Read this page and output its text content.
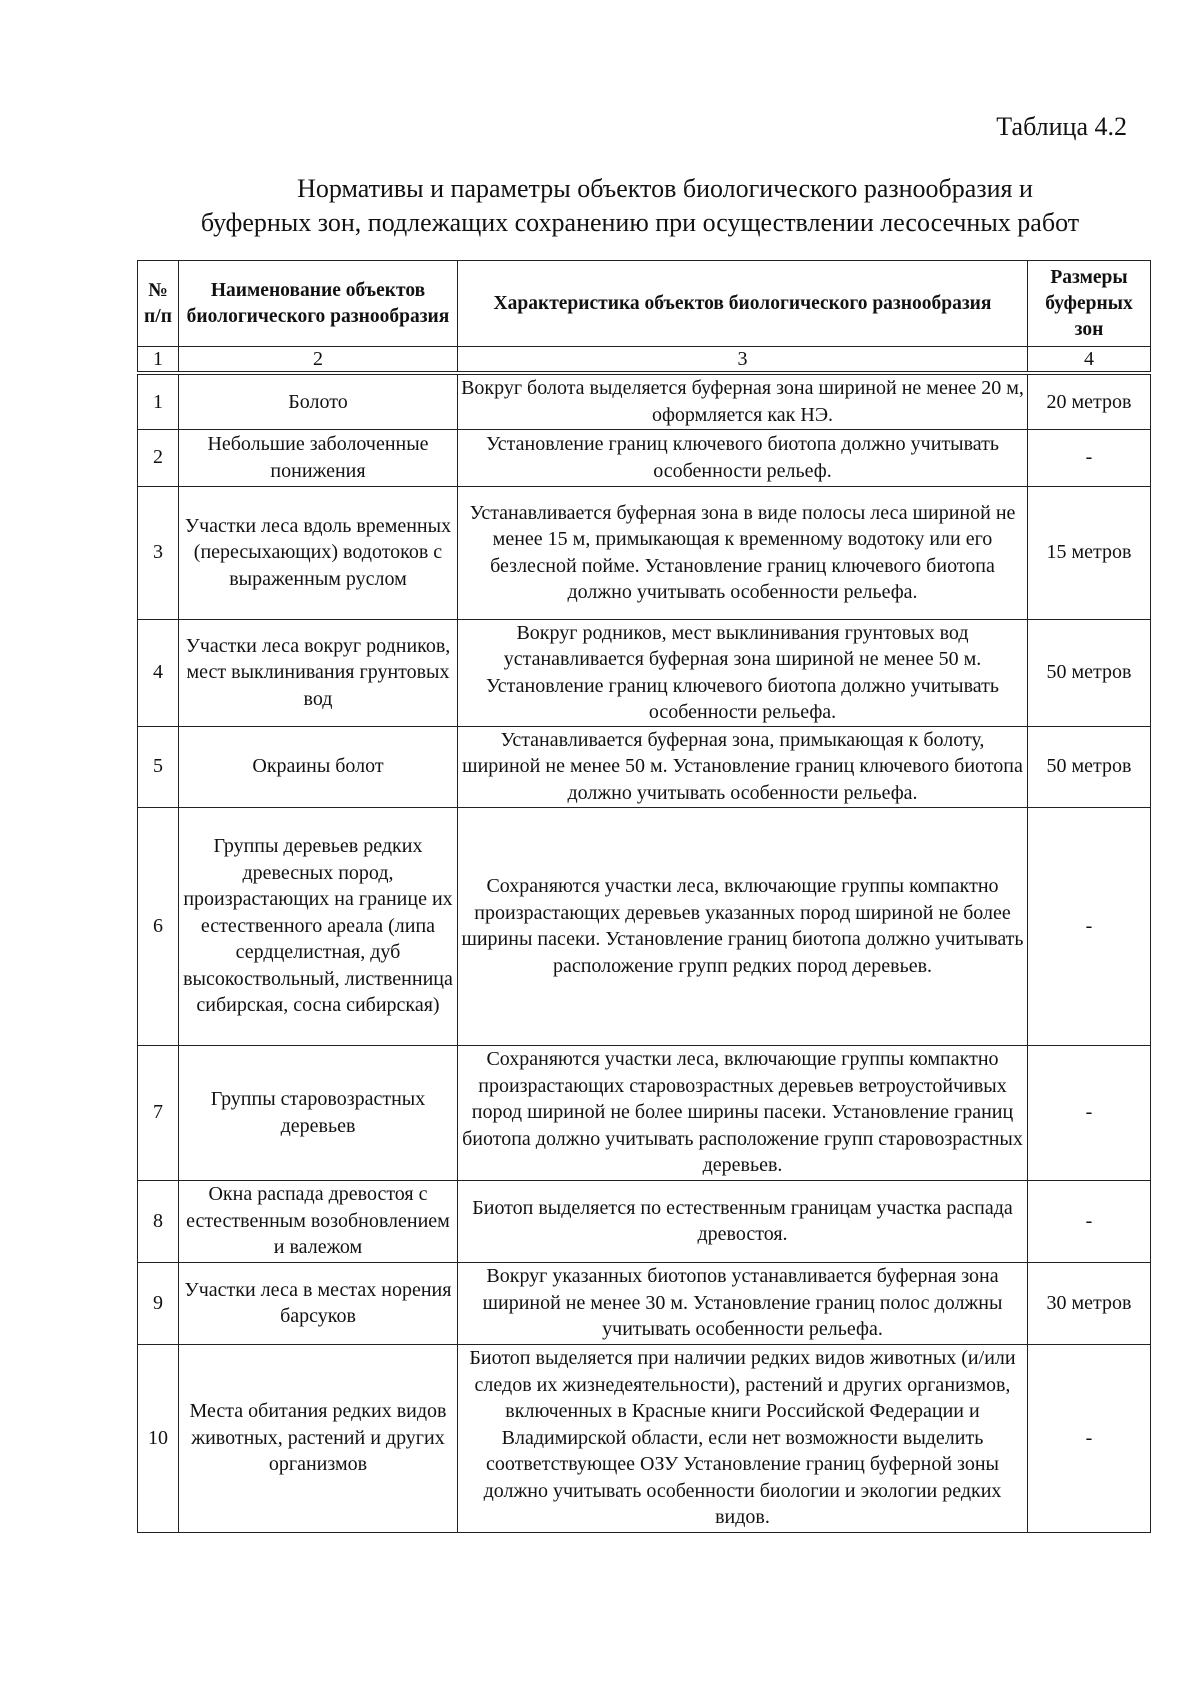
Таблица 4.2
Нормативы и параметры объектов биологического разнообразия и
буферных зон, подлежащих сохранению при осуществлении лесосечных работ
№ п/п	Наименование объектов биологического разнообразия	Характеристика объектов биологического разнообразия	Размеры буферных зон
1	2	3	4
1	Болото	Вокруг болота выделяется буферная зона шириной не менее 20 м, оформляется как НЭ.	20 метров
2	Небольшие заболоченные понижения	Установление границ ключевого биотопа должно учитывать особенности рельеф.	-
3	Участки леса вдоль временных (пересыхающих) водотоков с выраженным руслом	Устанавливается буферная зона в виде полосы леса шириной не менее 15 м, примыкающая к временному водотоку или его безлесной пойме. Установление границ ключевого биотопа должно учитывать особенности рельефа.	15 метров
4	Участки леса вокруг родников, мест выклинивания грунтовых вод	Вокруг родников, мест выклинивания грунтовых вод устанавливается буферная зона шириной не менее 50 м. Установление границ ключевого биотопа должно учитывать особенности рельефа.	50 метров
5	Окраины болот	Устанавливается буферная зона, примыкающая к болоту, шириной не менее 50 м. Установление границ ключевого биотопа должно учитывать особенности рельефа.	50 метров
6	Группы деревьев редких древесных пород, произрастающих на границе их естественного ареала (липа сердцелистная, дуб высокоствольный, лиственница сибирская, сосна сибирская)	Сохраняются участки леса, включающие группы компактно произрастающих деревьев указанных пород шириной не более ширины пасеки. Установление границ биотопа должно учитывать расположение групп редких пород деревьев.	-
7	Группы старовозрастных деревьев	Сохраняются участки леса, включающие группы компактно произрастающих старовозрастных деревьев ветроустойчивых пород шириной не более ширины пасеки. Установление границ биотопа должно учитывать расположение групп старовозрастных деревьев.	-
8	Окна распада древостоя с естественным возобновлением и валежом	Биотоп выделяется по естественным границам участка распада древостоя.	-
9	Участки леса в местах норения барсуков	Вокруг указанных биотопов устанавливается буферная зона шириной не менее 30 м. Установление границ полос должны учитывать особенности рельефа.	30 метров
10	Места обитания редких видов животных, растений и других организмов	Биотоп выделяется при наличии редких видов животных (и/или следов их жизнедеятельности), растений и других организмов, включенных в Красные книги Российской Федерации и Владимирской области, если нет возможности выделить соответствующее ОЗУ Установление границ буферной зоны должно учитывать особенности биологии и экологии редких видов.	-
